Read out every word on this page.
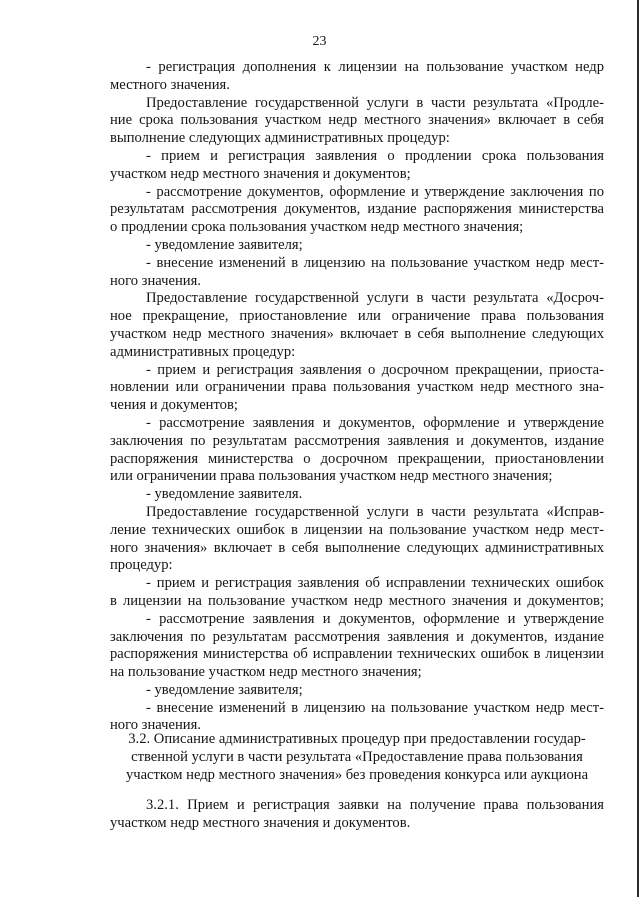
23
- регистрация дополнения к лицензии на пользование участком недр
местного значения.
Предоставление государственной услуги в части результата «Продле-
ние срока пользования участком недр местного значения» включает в себя
выполнение следующих административных процедур:
- прием и регистрация заявления о продлении срока пользования
участком недр местного значения и документов;
- рассмотрение документов, оформление и утверждение заключения по
результатам рассмотрения документов, издание распоряжения министерства
о продлении срока пользования участком недр местного значения;
- уведомление заявителя;
- внесение изменений в лицензию на пользование участком недр мест-
ного значения.
Предоставление государственной услуги в части результата «Досроч-
ное прекращение, приостановление или ограничение права пользования
участком недр местного значения» включает в себя выполнение следующих
административных процедур:
- прием и регистрация заявления о досрочном прекращении, приоста-
новлении или ограничении права пользования участком недр местного зна-
чения и документов;
- рассмотрение заявления и документов, оформление и утверждение
заключения по результатам рассмотрения заявления и документов, издание
распоряжения министерства о досрочном прекращении, приостановлении
или ограничении права пользования участком недр местного значения;
- уведомление заявителя.
Предоставление государственной услуги в части результата «Исправ-
ление технических ошибок в лицензии на пользование участком недр мест-
ного значения» включает в себя выполнение следующих административных
процедур:
- прием и регистрация заявления об исправлении технических ошибок
в лицензии на пользование участком недр местного значения и документов;
- рассмотрение заявления и документов, оформление и утверждение
заключения по результатам рассмотрения заявления и документов, издание
распоряжения министерства об исправлении технических ошибок в лицензии
на пользование участком недр местного значения;
- уведомление заявителя;
- внесение изменений в лицензию на пользование участком недр мест-
ного значения.
3.2. Описание административных процедур при предоставлении государ-
ственной услуги в части результата «Предоставление права пользования
участком недр местного значения» без проведения конкурса или аукциона
3.2.1. Прием и регистрация заявки на получение права пользования
участком недр местного значения и документов.
